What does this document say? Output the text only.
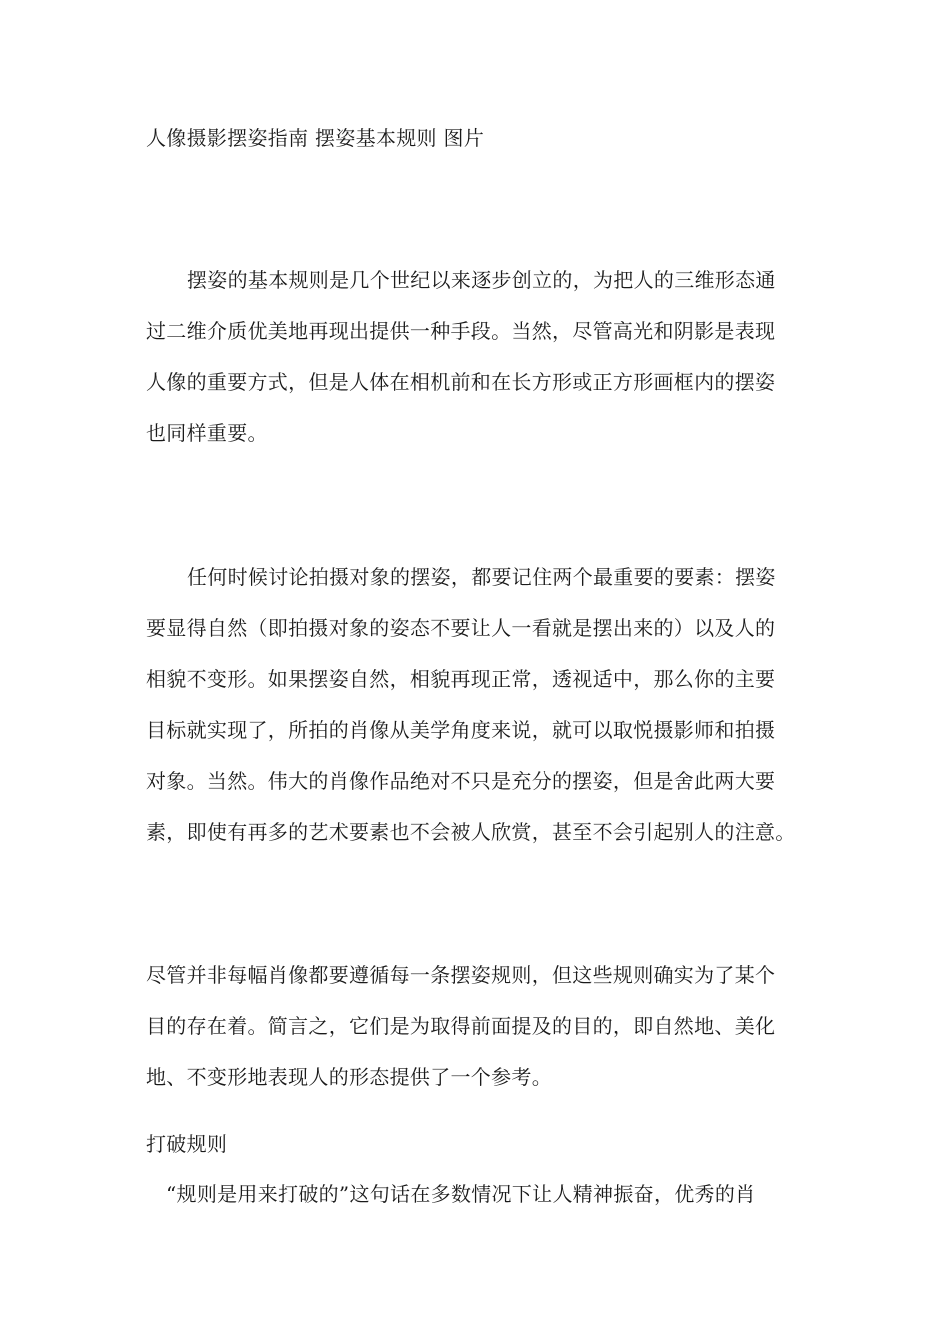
人像摄影摆姿指南 摆姿基本规则 图片
摆姿的基本规则是几个世纪以来逐步创立的，为把人的三维形态通
过二维介质优美地再现出提供一种手段。当然，尽管高光和阴影是表现
人像的重要方式，但是人体在相机前和在长方形或正方形画框内的摆姿
也同样重要。
任何时候讨论拍摄对象的摆姿，都要记住两个最重要的要素：摆姿
要显得自然（即拍摄对象的姿态不要让人一看就是摆出来的）以及人的
相貌不变形。如果摆姿自然，相貌再现正常，透视适中，那么你的主要
目标就实现了，所拍的肖像从美学角度来说，就可以取悦摄影师和拍摄
对象。当然。伟大的肖像作品绝对不只是充分的摆姿，但是舍此两大要
素，即使有再多的艺术要素也不会被人欣赏，甚至不会引起别人的注意。
尽管并非每幅肖像都要遵循每一条摆姿规则，但这些规则确实为了某个
目的存在着。简言之，它们是为取得前面提及的目的，即自然地、美化
地、不变形地表现人的形态提供了一个参考。
打破规则
“规则是用来打破的”这句话在多数情况下让人精神振奋，优秀的肖
